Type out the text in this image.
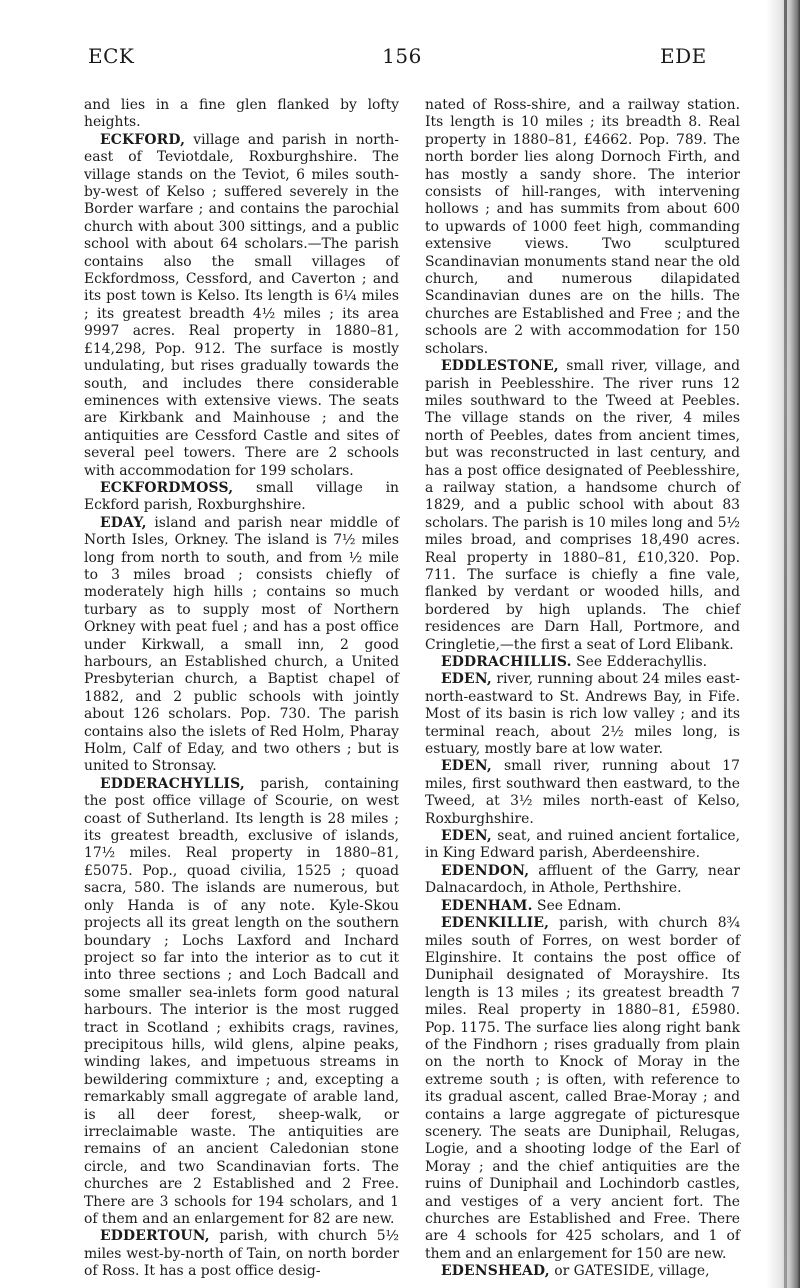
ECK	156	EDE

and lies in a fine glen flanked by lofty heights.

ECKFORD, village and parish in north-east of Teviotdale, Roxburghshire. The village stands on the Teviot, 6 miles south-by-west of Kelso ; suffered severely in the Border warfare ; and contains the parochial church with about 300 sittings, and a public school with about 64 scholars.—The parish contains also the small villages of Eckfordmoss, Cessford, and Caverton ; and its post town is Kelso. Its length is 6¼ miles ; its greatest breadth 4½ miles ; its area 9997 acres. Real property in 1880–81, £14,298, Pop. 912. The surface is mostly undulating, but rises gradually towards the south, and includes there considerable eminences with extensive views. The seats are Kirkbank and Mainhouse ; and the antiquities are Cessford Castle and sites of several peel towers. There are 2 schools with accommodation for 199 scholars.

ECKFORDMOSS, small village in Eckford parish, Roxburghshire.

EDAY, island and parish near middle of North Isles, Orkney. The island is 7½ miles long from north to south, and from ½ mile to 3 miles broad ; consists chiefly of moderately high hills ; contains so much turbary as to supply most of Northern Orkney with peat fuel ; and has a post office under Kirkwall, a small inn, 2 good harbours, an Established church, a United Presbyterian church, a Baptist chapel of 1882, and 2 public schools with jointly about 126 scholars. Pop. 730. The parish contains also the islets of Red Holm, Pharay Holm, Calf of Eday, and two others ; but is united to Stronsay.

EDDERACHYLLIS, parish, containing the post office village of Scourie, on west coast of Sutherland. Its length is 28 miles ; its greatest breadth, exclusive of islands, 17½ miles. Real property in 1880–81, £5075. Pop., quoad civilia, 1525 ; quoad sacra, 580. The islands are numerous, but only Handa is of any note. Kyle-Skou projects all its great length on the southern boundary ; Lochs Laxford and Inchard project so far into the interior as to cut it into three sections ; and Loch Badcall and some smaller sea-inlets form good natural harbours. The interior is the most rugged tract in Scotland ; exhibits crags, ravines, precipitous hills, wild glens, alpine peaks, winding lakes, and impetuous streams in bewildering commixture ; and, excepting a remarkably small aggregate of arable land, is all deer forest, sheep-walk, or irreclaimable waste. The antiquities are remains of an ancient Caledonian stone circle, and two Scandinavian forts. The churches are 2 Established and 2 Free. There are 3 schools for 194 scholars, and 1 of them and an enlargement for 82 are new.

EDDERTOUN, parish, with church 5½ miles west-by-north of Tain, on north border of Ross. It has a post office desig-

nated of Ross-shire, and a railway station. Its length is 10 miles ; its breadth 8. Real property in 1880–81, £4662. Pop. 789. The north border lies along Dornoch Firth, and has mostly a sandy shore. The interior consists of hill-ranges, with intervening hollows ; and has summits from about 600 to upwards of 1000 feet high, commanding extensive views. Two sculptured Scandinavian monuments stand near the old church, and numerous dilapidated Scandinavian dunes are on the hills. The churches are Established and Free ; and the schools are 2 with accommodation for 150 scholars.

EDDLESTONE, small river, village, and parish in Peeblesshire. The river runs 12 miles southward to the Tweed at Peebles. The village stands on the river, 4 miles north of Peebles, dates from ancient times, but was reconstructed in last century, and has a post office designated of Peeblesshire, a railway station, a handsome church of 1829, and a public school with about 83 scholars. The parish is 10 miles long and 5½ miles broad, and comprises 18,490 acres. Real property in 1880–81, £10,320. Pop. 711. The surface is chiefly a fine vale, flanked by verdant or wooded hills, and bordered by high uplands. The chief residences are Darn Hall, Portmore, and Cringletie,—the first a seat of Lord Elibank.

EDDRACHILLIS. See Edderachyllis.

EDEN, river, running about 24 miles east-north-eastward to St. Andrews Bay, in Fife. Most of its basin is rich low valley ; and its terminal reach, about 2½ miles long, is estuary, mostly bare at low water.

EDEN, small river, running about 17 miles, first southward then eastward, to the Tweed, at 3½ miles north-east of Kelso, Roxburghshire.

EDEN, seat, and ruined ancient fortalice, in King Edward parish, Aberdeenshire.

EDENDON, affluent of the Garry, near Dalnacardoch, in Athole, Perthshire.

EDENHAM. See Ednam.

EDENKILLIE, parish, with church 8¾ miles south of Forres, on west border of Elginshire. It contains the post office of Duniphail designated of Morayshire. Its length is 13 miles ; its greatest breadth 7 miles. Real property in 1880–81, £5980. Pop. 1175. The surface lies along right bank of the Findhorn ; rises gradually from plain on the north to Knock of Moray in the extreme south ; is often, with reference to its gradual ascent, called Brae-Moray ; and contains a large aggregate of picturesque scenery. The seats are Duniphail, Relugas, Logie, and a shooting lodge of the Earl of Moray ; and the chief antiquities are the ruins of Duniphail and Lochindorb castles, and vestiges of a very ancient fort. The churches are Established and Free. There are 4 schools for 425 scholars, and 1 of them and an enlargement for 150 are new.

EDENSHEAD, or GATESIDE, village,
